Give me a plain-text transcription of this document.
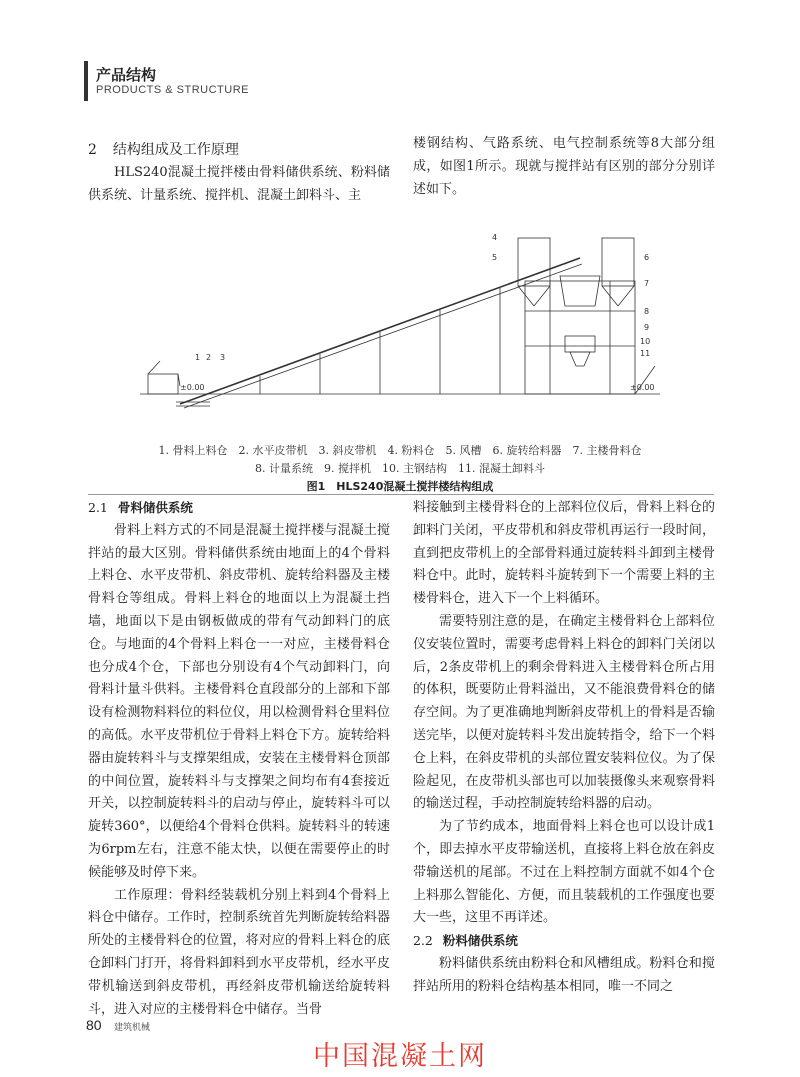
产品结构
PRODUCTS & STRUCTURE
2 结构组成及工作原理

HLS240混凝土搅拌楼由骨料储供系统、粉料储供系统、计量系统、搅拌机、混凝土卸料斗、主

楼钢结构、气路系统、电气控制系统等8大部分组成，如图1所示。现就与搅拌站有区别的部分分别详述如下。

1 2 3
4
5	6
7
8
9
10
11
±0.00	±0.00
1. 骨料上料仓　2. 水平皮带机　3. 斜皮带机　4. 粉料仓　5. 风槽　6. 旋转给料器　7. 主楼骨料仓
8. 计量系统　9. 搅拌机　10. 主钢结构　11. 混凝土卸料斗
图1　HLS240混凝土搅拌楼结构组成

2.1 骨料储供系统

骨料上料方式的不同是混凝土搅拌楼与混凝土搅拌站的最大区别。骨料储供系统由地面上的4个骨料上料仓、水平皮带机、斜皮带机、旋转给料器及主楼骨料仓等组成。骨料上料仓的地面以上为混凝土挡墙，地面以下是由钢板做成的带有气动卸料门的底仓。与地面的4个骨料上料仓一一对应，主楼骨料仓也分成4个仓，下部也分别设有4个气动卸料门，向骨料计量斗供料。主楼骨料仓直段部分的上部和下部设有检测物料料位的料位仪，用以检测骨料仓里料位的高低。水平皮带机位于骨料上料仓下方。旋转给料器由旋转料斗与支撑架组成，安装在主楼骨料仓顶部的中间位置，旋转料斗与支撑架之间均布有4套接近开关，以控制旋转料斗的启动与停止，旋转料斗可以旋转360°，以便给4个骨料仓供料。旋转料斗的转速为6rpm左右，注意不能太快，以便在需要停止的时候能够及时停下来。

工作原理：骨料经装载机分别上料到4个骨料上料仓中储存。工作时，控制系统首先判断旋转给料器所处的主楼骨料仓的位置，将对应的骨料上料仓的底仓卸料门打开，将骨料卸料到水平皮带机，经水平皮带机输送到斜皮带机，再经斜皮带机输送给旋转料斗，进入对应的主楼骨料仓中储存。当骨

料接触到主楼骨料仓的上部料位仪后，骨料上料仓的卸料门关闭，平皮带机和斜皮带机再运行一段时间，直到把皮带机上的全部骨料通过旋转料斗卸到主楼骨料仓中。此时，旋转料斗旋转到下一个需要上料的主楼骨料仓，进入下一个上料循环。

需要特别注意的是，在确定主楼骨料仓上部料位仪安装位置时，需要考虑骨料上料仓的卸料门关闭以后，2条皮带机上的剩余骨料进入主楼骨料仓所占用的体积，既要防止骨料溢出，又不能浪费骨料仓的储存空间。为了更准确地判断斜皮带机上的骨料是否输送完毕，以便对旋转料斗发出旋转指令，给下一个料仓上料，在斜皮带机的头部位置安装料位仪。为了保险起见，在皮带机头部也可以加装摄像头来观察骨料的输送过程，手动控制旋转给料器的启动。

为了节约成本，地面骨料上料仓也可以设计成1个，即去掉水平皮带输送机，直接将上料仓放在斜皮带输送机的尾部。不过在上料控制方面就不如4个仓上料那么智能化、方便，而且装载机的工作强度也要大一些，这里不再详述。

2.2 粉料储供系统

粉料储供系统由粉料仓和风槽组成。粉料仓和搅拌站所用的粉料仓结构基本相同，唯一不同之

80 建筑机械
中国混凝土网
